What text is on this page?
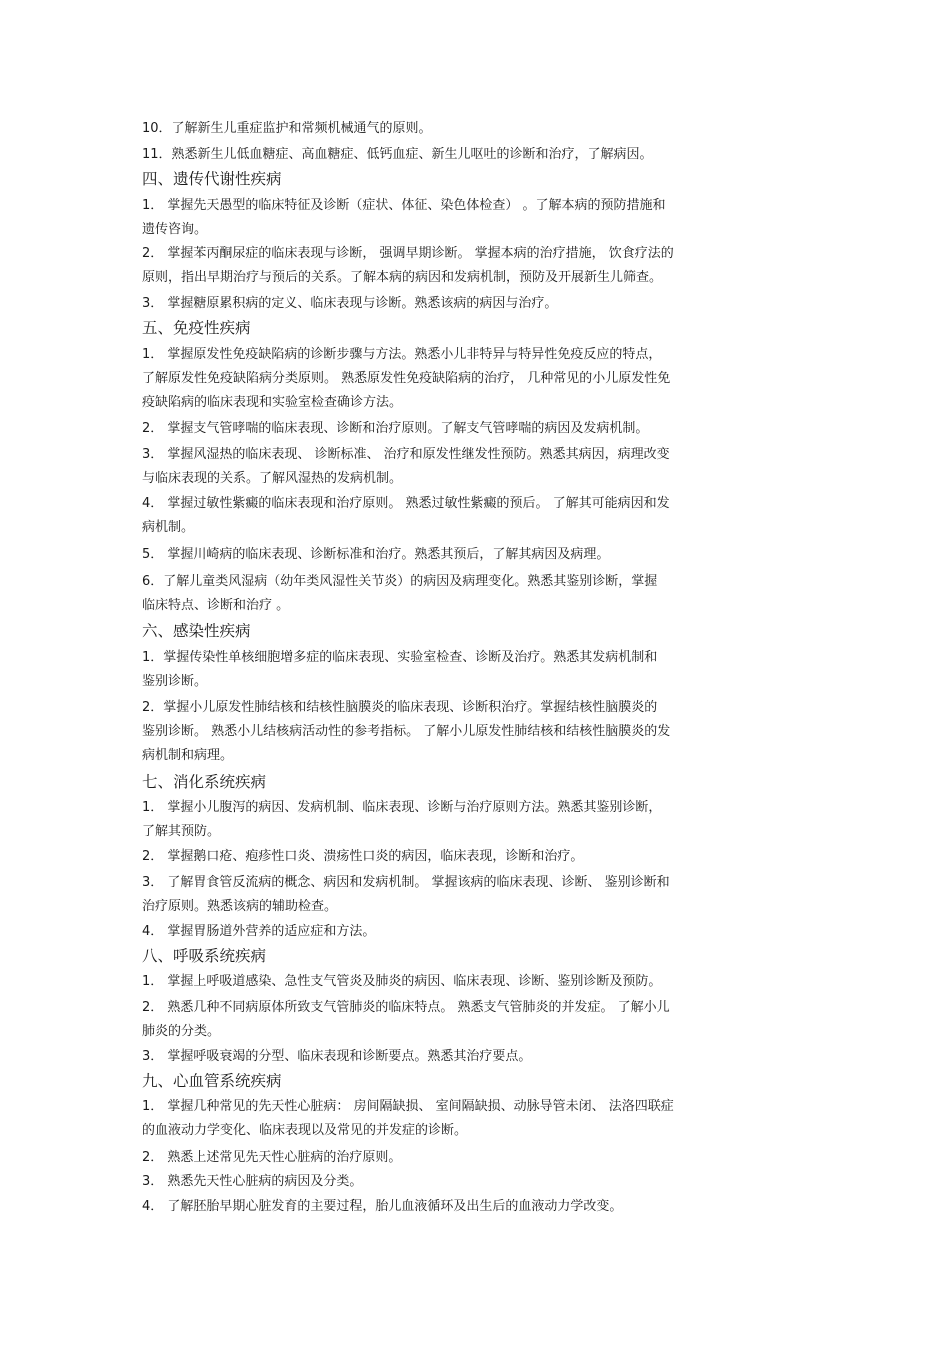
10．了解新生儿重症监护和常频机械通气的原则。
11．熟悉新生儿低血糖症、高血糖症、低钙血症、新生儿呕吐的诊断和治疗，了解病因。
四、遗传代谢性疾病
1． 掌握先天愚型的临床特征及诊断（症状、体征、染色体检查） 。了解本病的预防措施和
遗传咨询。
2． 掌握苯丙酮尿症的临床表现与诊断， 强调早期诊断。 掌握本病的治疗措施， 饮食疗法的
原则，指出早期治疗与预后的关系。了解本病的病因和发病机制，预防及开展新生儿筛查。
3． 掌握糖原累积病的定义、临床表现与诊断。熟悉该病的病因与治疗。
五、免疫性疾病
1． 掌握原发性免疫缺陷病的诊断步骤与方法。熟悉小儿非特异与特异性免疫反应的特点，
了解原发性免疫缺陷病分类原则。 熟悉原发性免疫缺陷病的治疗， 几种常见的小儿原发性免
疫缺陷病的临床表现和实验室检查确诊方法。
2． 掌握支气管哮喘的临床表现、诊断和治疗原则。了解支气管哮喘的病因及发病机制。
3． 掌握风湿热的临床表现、 诊断标准、 治疗和原发性继发性预防。熟悉其病因，病理改变
与临床表现的关系。了解风湿热的发病机制。
4． 掌握过敏性紫癜的临床表现和治疗原则。 熟悉过敏性紫癜的预后。 了解其可能病因和发
病机制。
5． 掌握川崎病的临床表现、诊断标准和治疗。熟悉其预后，了解其病因及病理。
6．了解儿童类风湿病（幼年类风湿性关节炎）的病因及病理变化。熟悉其鉴别诊断，掌握
临床特点、诊断和治疗 。
六、感染性疾病
1．掌握传染性单核细胞增多症的临床表现、实验室检查、诊断及治疗。熟悉其发病机制和
鉴别诊断。
2．掌握小儿原发性肺结核和结核性脑膜炎的临床表现、诊断积治疗。掌握结核性脑膜炎的
鉴别诊断。 熟悉小儿结核病活动性的参考指标。 了解小儿原发性肺结核和结核性脑膜炎的发
病机制和病理。
七、消化系统疾病
1． 掌握小儿腹泻的病因、发病机制、临床表现、诊断与治疗原则方法。熟悉其鉴别诊断，
了解其预防。
2． 掌握鹅口疮、疱疹性口炎、溃疡性口炎的病因，临床表现，诊断和治疗。
3． 了解胃食管反流病的概念、病因和发病机制。 掌握该病的临床表现、诊断、 鉴别诊断和
治疗原则。熟悉该病的辅助检查。
4． 掌握胃肠道外营养的适应症和方法。
八、呼吸系统疾病
1． 掌握上呼吸道感染、急性支气管炎及肺炎的病因、临床表现、诊断、鉴别诊断及预防。
2． 熟悉几种不同病原体所致支气管肺炎的临床特点。 熟悉支气管肺炎的并发症。 了解小儿
肺炎的分类。
3． 掌握呼吸衰竭的分型、临床表现和诊断要点。熟悉其治疗要点。
九、心血管系统疾病
1． 掌握几种常见的先天性心脏病： 房间隔缺损、 室间隔缺损、动脉导管未闭、 法洛四联症
的血液动力学变化、临床表现以及常见的并发症的诊断。
2． 熟悉上述常见先天性心脏病的治疗原则。
3． 熟悉先天性心脏病的病因及分类。
4． 了解胚胎早期心脏发育的主要过程，胎儿血液循环及出生后的血液动力学改变。
